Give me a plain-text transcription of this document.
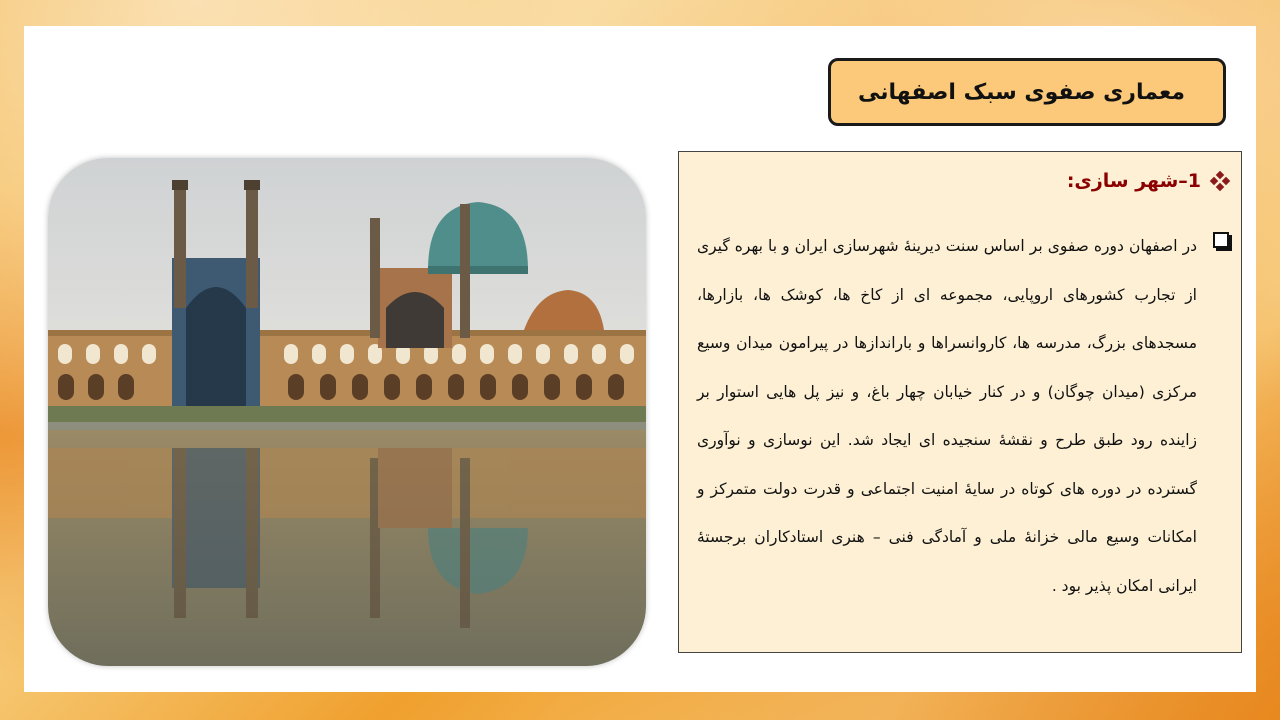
معماری صفوی سبک اصفهانی
1–شهر سازی:
در اصفهان دوره صفوی بر اساس سنت دیرینۀ شهرسازی ایران و با بهره گیری از تجارب کشورهای اروپایی، مجموعه ای از کاخ ها، کوشک ها، بازارها، مسجدهای بزرگ، مدرسه ها، کاروانسراها و باراندازها در پیرامون میدان وسیع مرکزی (میدان چوگان) و در کنار خیابان چهار باغ، و نیز پل هایی استوار بر زاینده رود طبق طرح و نقشۀ سنجیده ای ایجاد شد. این نوسازی و نوآوری گسترده در دوره های کوتاه در سایۀ امنیت اجتماعی و قدرت دولت متمرکز و امکانات وسیع مالی خزانۀ ملی و آمادگی فنی – هنری استادکاران برجستۀ ایرانی امکان پذیر بود .
